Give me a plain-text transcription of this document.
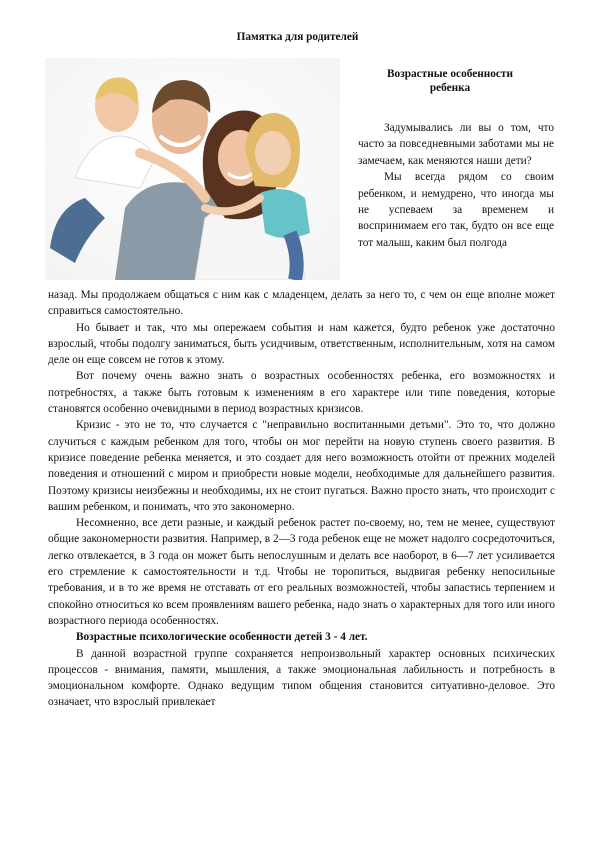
Памятка для родителей
Возрастные особенности ребенка

Задумывались ли вы о том, что часто за повседневными заботами мы не замечаем, как меняются наши дети?

Мы всегда рядом со своим ребенком, и немудрено, что иногда мы не успеваем за временем и воспринимаем его так, будто он все еще тот малыш, каким был полгода

назад. Мы продолжаем общаться с ним как с младенцем, делать за него то, с чем он еще вполне может справиться самостоятельно.

Но бывает и так, что мы опережаем события и нам кажется, будто ребенок уже достаточно взрослый, чтобы подолгу заниматься, быть усидчивым, ответственным, исполнительным, хотя на самом деле он еще совсем не готов к этому.

Вот почему очень важно знать о возрастных особенностях ребенка, его возможностях и потребностях, а также быть готовым к изменениям в его характере или типе поведения, которые становятся особенно очевидными в период возрастных кризисов.

Кризис - это не то, что случается с "неправильно воспитанными детьми". Это то, что должно случиться с каждым ребенком для того, чтобы он мог перейти на новую ступень своего развития. В кризисе поведение ребенка меняется, и это создает для него возможность отойти от прежних моделей поведения и отношений с миром и приобрести новые модели, необходимые для дальнейшего развития. Поэтому кризисы неизбежны и необходимы, их не стоит пугаться. Важно просто знать, что происходит с вашим ребенком, и понимать, что это закономерно.

Несомненно, все дети разные, и каждый ребенок растет по-своему, но, тем не менее, существуют общие закономерности развития. Например, в 2—3 года ребенок еще не может надолго сосредоточиться, легко отвлекается, в 3 года он может быть непослушным и делать все наоборот, в 6—7 лет усиливается его стремление к самостоятельности и т.д. Чтобы не торопиться, выдвигая ребенку непосильные требования, и в то же время не отставать от его реальных возможностей, чтобы запастись терпением и спокойно относиться ко всем проявлениям вашего ребенка, надо знать о характерных для того или иного возрастного периода особенностях.

Возрастные психологические особенности детей 3 - 4 лет.

В данной возрастной группе сохраняется непроизвольный характер основных психических процессов - внимания, памяти, мышления, а также эмоциональная лабильность и потребность в эмоциональном комфорте. Однако ведущим типом общения становится ситуативно-деловое. Это означает, что взрослый привлекает
